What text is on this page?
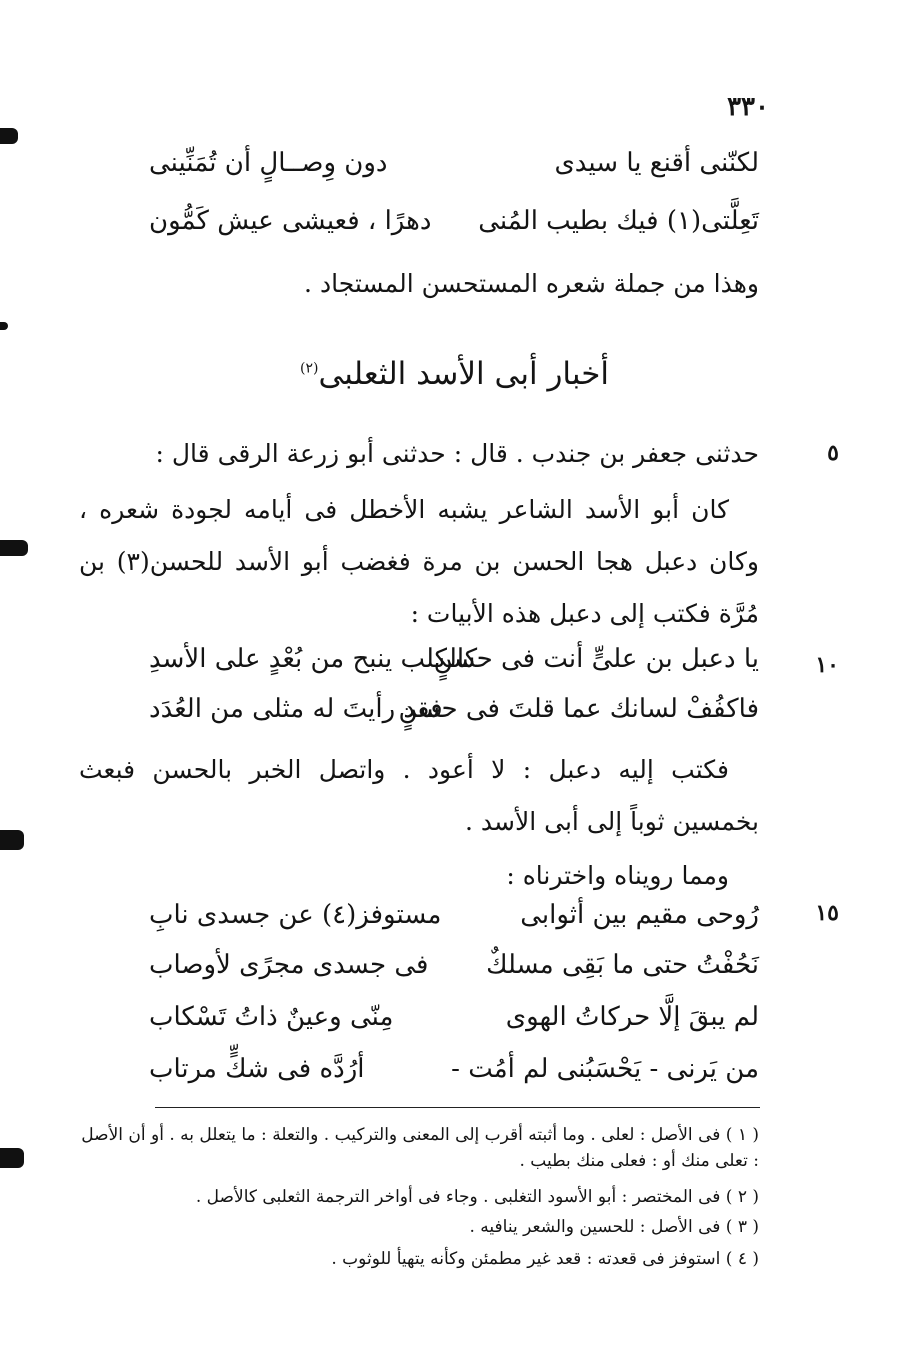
٣٣٠
لكنّنى أقنع يا سيدى
دون وِصــالٍ أن تُمَنِّينى
تَعِلَّتى(١) فيك بطيب المُنى
دهرًا ، فعيشى عيش كَمُّون
وهذا من جملة شعره المستحسن المستجاد .
أخبار أبى الأسد الثعلبى$^{(٢)}$
٥
١٠
١٥
حدثنى جعفر بن جندب . قال : حدثنى أبو زرعة الرقى قال :
كان أبو الأسد الشاعر يشبه الأخطل فى أيامه لجودة شعره ، وكان دعبل هجا الحسن بن مرة فغضب أبو الأسد للحسن(٣) بن مُرَّة فكتب إلى دعبل هذه الأبيات :
يا دعبل بن علىٍّ أنت فى حسنٍ
كالكلب ينبح من بُعْدٍ على الأسدِ
فاكفُفْ لسانك عما قلتَ فى حسنٍ
فقد رأيتَ له مثلى من العُدَد
فكتب إليه دعبل : لا أعود . واتصل الخبر بالحسن فبعث بخمسين ثوباً إلى أبى الأسد .
ومما رويناه واخترناه :
رُوحى مقيم بين أثوابى
مستوفز(٤) عن جسدى نابِ
نَحُفْتُ حتى ما بَقِى مسلكٌ
فى جسدى مجرًى لأوصاب
لم يبقَ إلَّا حركاتُ الهوى
مِنّى وعينٌ ذاتُ تَسْكاب
من يَرنى - يَحْسَبُنى لم أمُت -
أرُدَّه فى شكٍّ مرتاب
( ١ ) فى الأصل : لعلى . وما أثبته أقرب إلى المعنى والتركيب . والتعلة : ما يتعلل به . أو أن الأصل : تعلى منك أو : فعلى منك بطيب .
( ٢ ) فى المختصر : أبو الأسود التغلبى . وجاء فى أواخر الترجمة الثعلبى كالأصل .
( ٣ ) فى الأصل : للحسين والشعر ينافيه .
( ٤ ) استوفز فى قعدته : قعد غير مطمئن وكأنه يتهيأ للوثوب .
